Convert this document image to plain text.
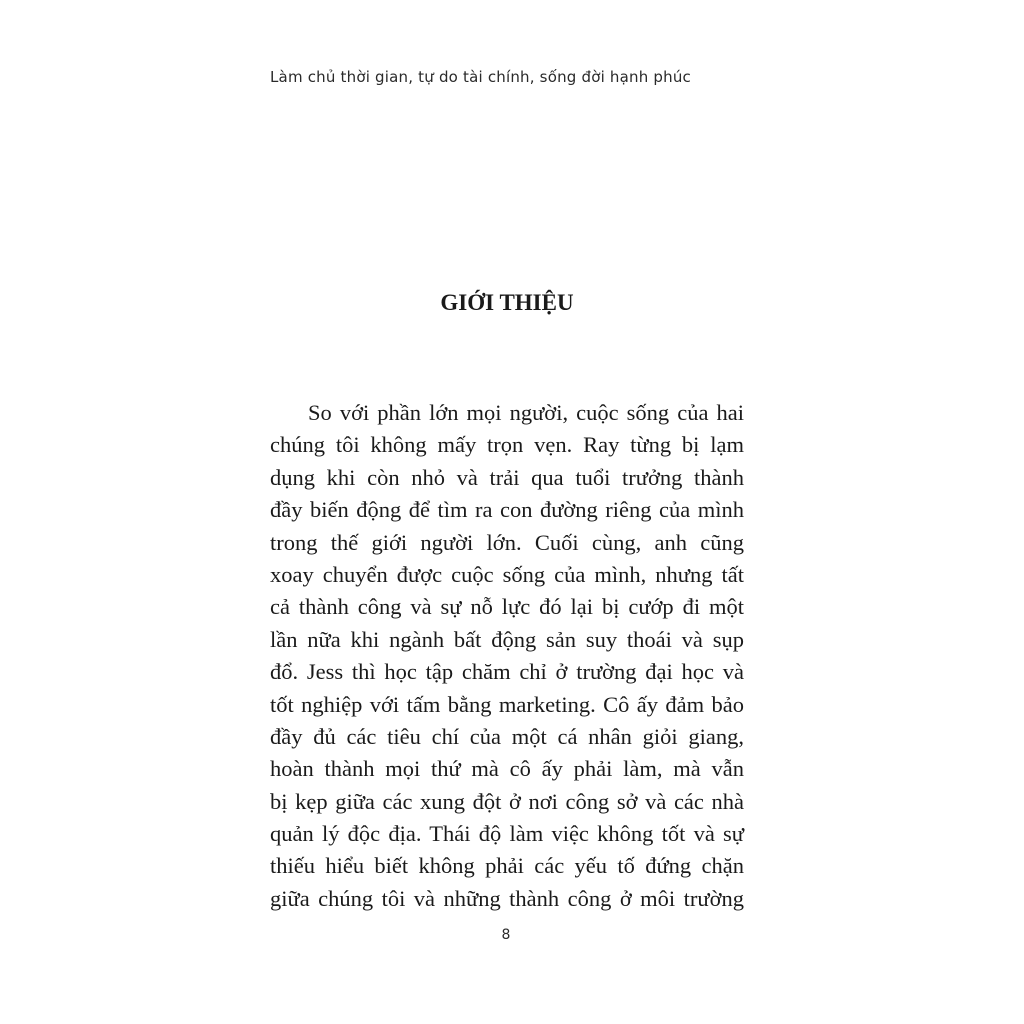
Làm chủ thời gian, tự do tài chính, sống đời hạnh phúc
GIỚI THIỆU
So với phần lớn mọi người, cuộc sống của hai
chúng tôi không mấy trọn vẹn. Ray từng bị lạm
dụng khi còn nhỏ và trải qua tuổi trưởng thành
đầy biến động để tìm ra con đường riêng của mình
trong thế giới người lớn. Cuối cùng, anh cũng
xoay chuyển được cuộc sống của mình, nhưng tất
cả thành công và sự nỗ lực đó lại bị cướp đi một
lần nữa khi ngành bất động sản suy thoái và sụp
đổ. Jess thì học tập chăm chỉ ở trường đại học và
tốt nghiệp với tấm bằng marketing. Cô ấy đảm bảo
đầy đủ các tiêu chí của một cá nhân giỏi giang,
hoàn thành mọi thứ mà cô ấy phải làm, mà vẫn
bị kẹp giữa các xung đột ở nơi công sở và các nhà
quản lý độc địa. Thái độ làm việc không tốt và sự
thiếu hiểu biết không phải các yếu tố đứng chặn
giữa chúng tôi và những thành công ở môi trường
8
